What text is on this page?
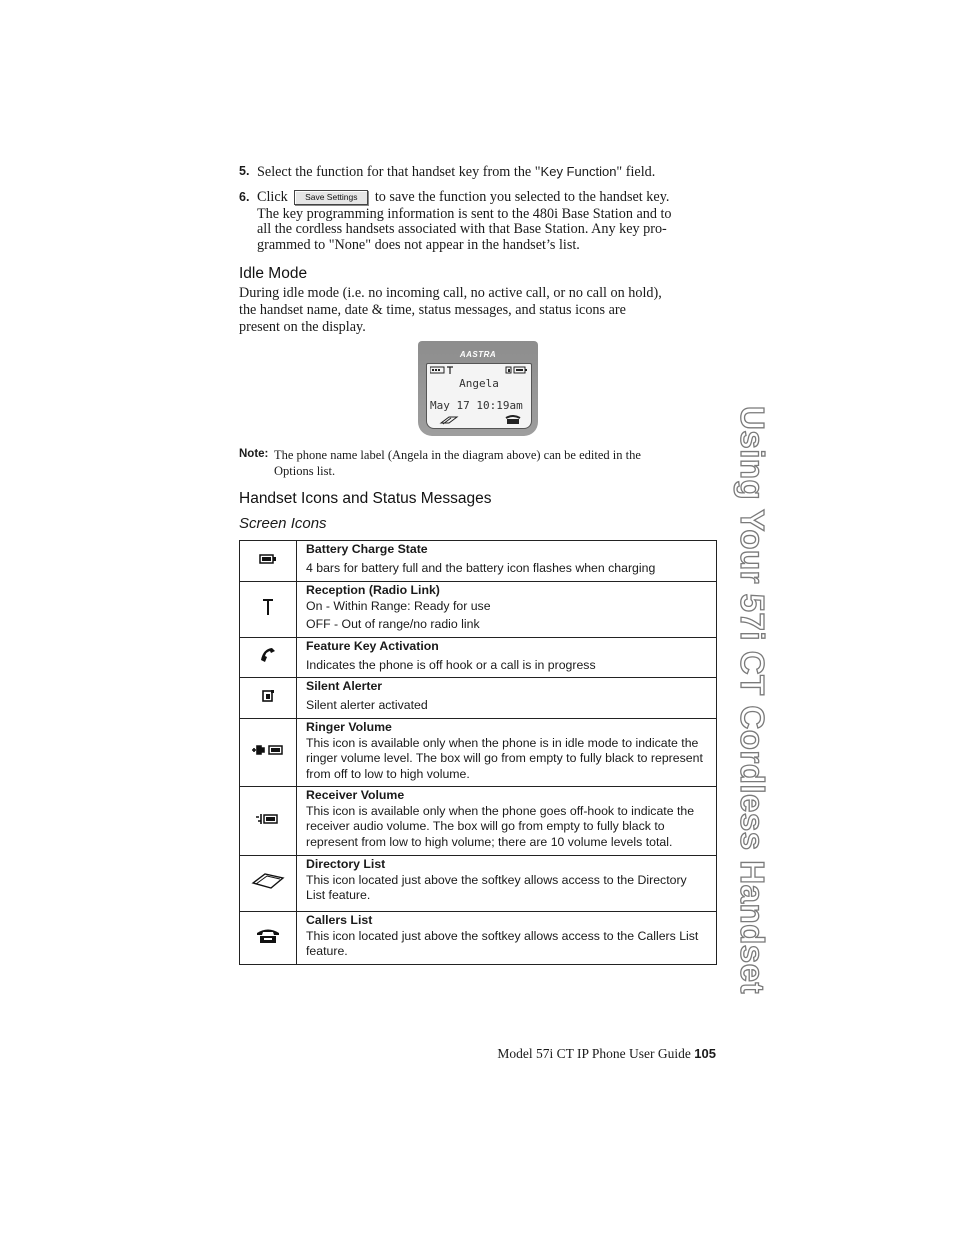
5. Select the function for that handset key from the "Key Function" field.
6. Click Save Settings to save the function you selected to the handset key.
The key programming information is sent to the 480i Base Station and to
all the cordless handsets associated with that Base Station. Any key pro-
grammed to "None" does not appear in the handset’s list.
Idle Mode
During idle mode (i.e. no incoming call, no active call, or no call on hold),
the handset name, date & time, status messages, and status icons are
present on the display.
AASTRA
Angela
May 17 10:19am
Note: The phone name label (Angela in the diagram above) can be edited in the
Options list.
Handset Icons and Status Messages
Screen Icons

Battery Charge State
4 bars for battery full and the battery icon flashes when charging

Reception (Radio Link)
On - Within Range: Ready for use
OFF - Out of range/no radio link

Feature Key Activation
Indicates the phone is off hook or a call is in progress

Silent Alerter
Silent alerter activated

Ringer Volume
This icon is available only when the phone is in idle mode to indicate the
ringer volume level. The box will go from empty to fully black to represent
from off to low to high volume.

Receiver Volume
This icon is available only when the phone goes off-hook to indicate the
receiver audio volume. The box will go from empty to fully black to
represent from low to high volume; there are 10 volume levels total.

Directory List
This icon located just above the softkey allows access to the Directory
List feature.

Callers List
This icon located just above the softkey allows access to the Callers List
feature.	Using Your 57i CT Cordless Handset
Model 57i CT IP Phone User Guide 105
